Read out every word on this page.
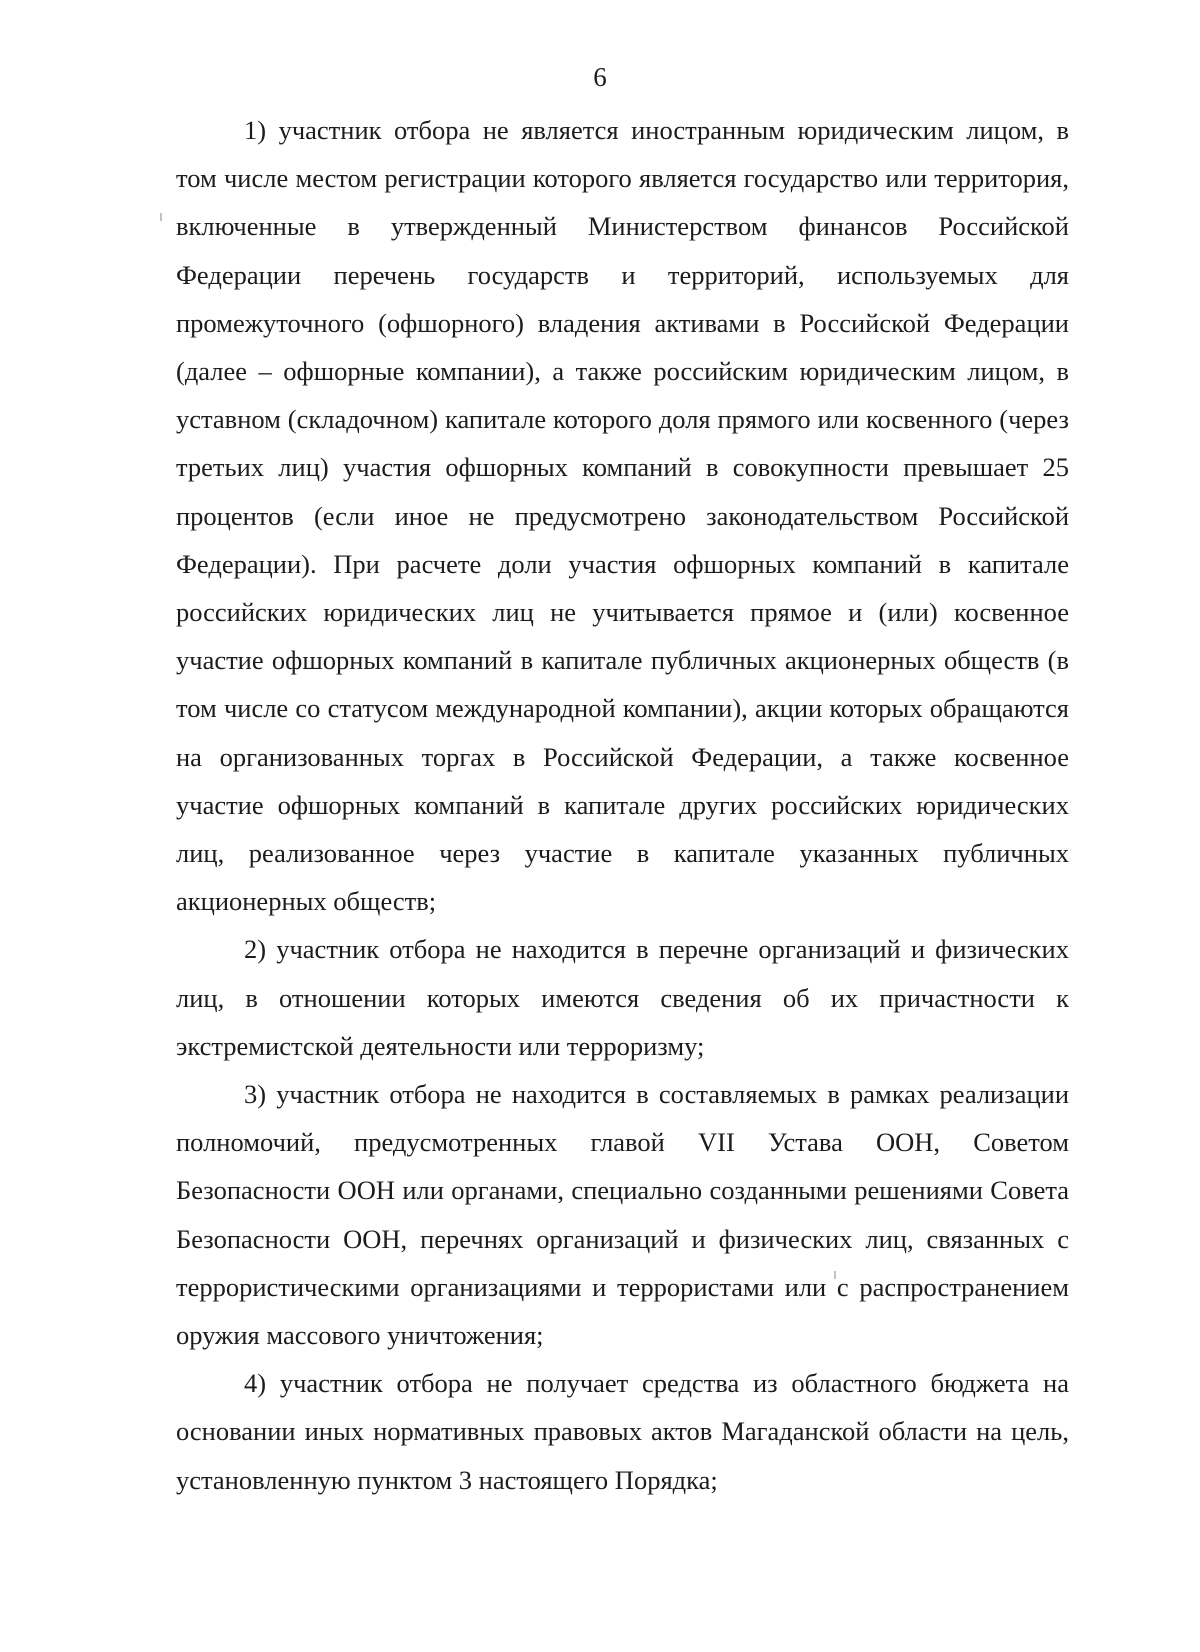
6

1) участник отбора не является иностранным юридическим лицом, в том числе местом регистрации которого является государство или территория, включенные в утвержденный Министерством финансов Российской Федерации перечень государств и территорий, используемых для промежуточного (офшорного) владения активами в Российской Федерации (далее – офшорные компании), а также российским юридическим лицом, в уставном (складочном) капитале которого доля прямого или косвенного (через третьих лиц) участия офшорных компаний в совокупности превышает 25 процентов (если иное не предусмотрено законодательством Российской Федерации). При расчете доли участия офшорных компаний в капитале российских юридических лиц не учитывается прямое и (или) косвенное участие офшорных компаний в капитале публичных акционерных обществ (в том числе со статусом международной компании), акции которых обращаются на организованных торгах в Российской Федерации, а также косвенное участие офшорных компаний в капитале других российских юридических лиц, реализованное через участие в капитале указанных публичных акционерных обществ;

2) участник отбора не находится в перечне организаций и физических лиц, в отношении которых имеются сведения об их причастности к экстремистской деятельности или терроризму;

3) участник отбора не находится в составляемых в рамках реализации полномочий, предусмотренных главой VII Устава ООН, Советом Безопасности ООН или органами, специально созданными решениями Совета Безопасности ООН, перечнях организаций и физических лиц, связанных с террористическими организациями и террористами или с распространением оружия массового уничтожения;

4) участник отбора не получает средства из областного бюджета на основании иных нормативных правовых актов Магаданской области на цель, установленную пунктом 3 настоящего Порядка;
